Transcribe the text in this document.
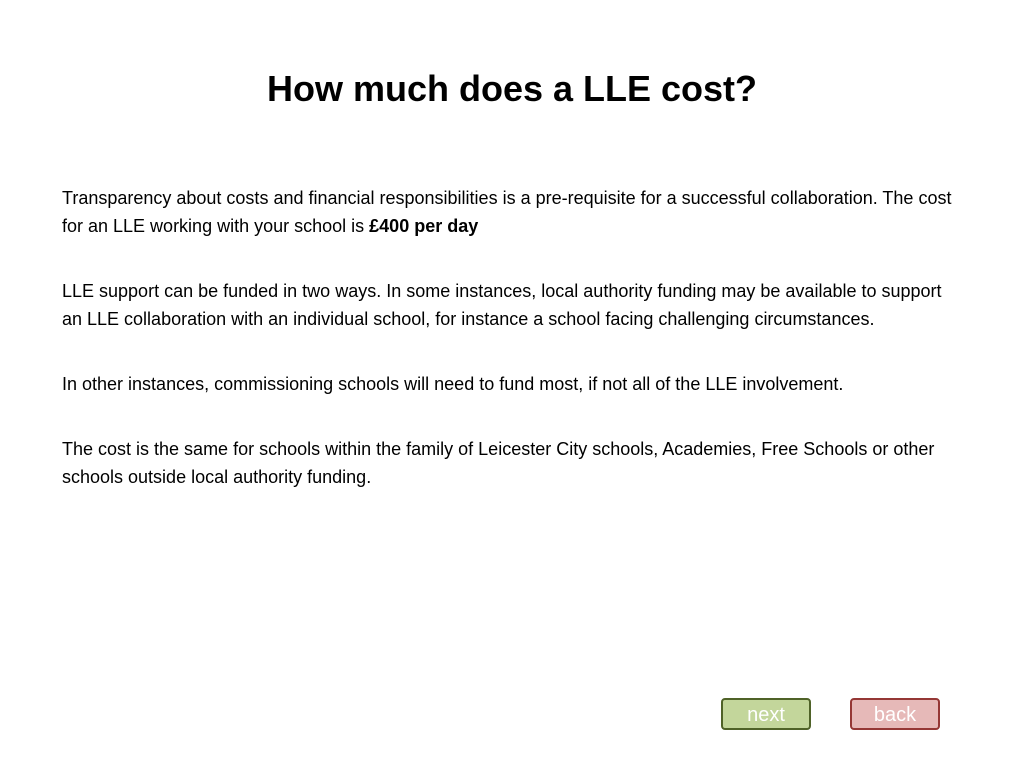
How much does a LLE cost?

Transparency about costs and financial responsibilities is a pre-requisite for a successful collaboration. The cost for an LLE working with your school is £400 per day

LLE support can be funded in two ways. In some instances, local authority funding may be available to support an LLE collaboration with an individual school, for instance a school facing challenging circumstances.

In other instances, commissioning schools will need to fund most, if not all of the LLE involvement.

The cost is the same for schools within the family of Leicester City schools, Academies, Free Schools or other schools outside local authority funding.

next	back
